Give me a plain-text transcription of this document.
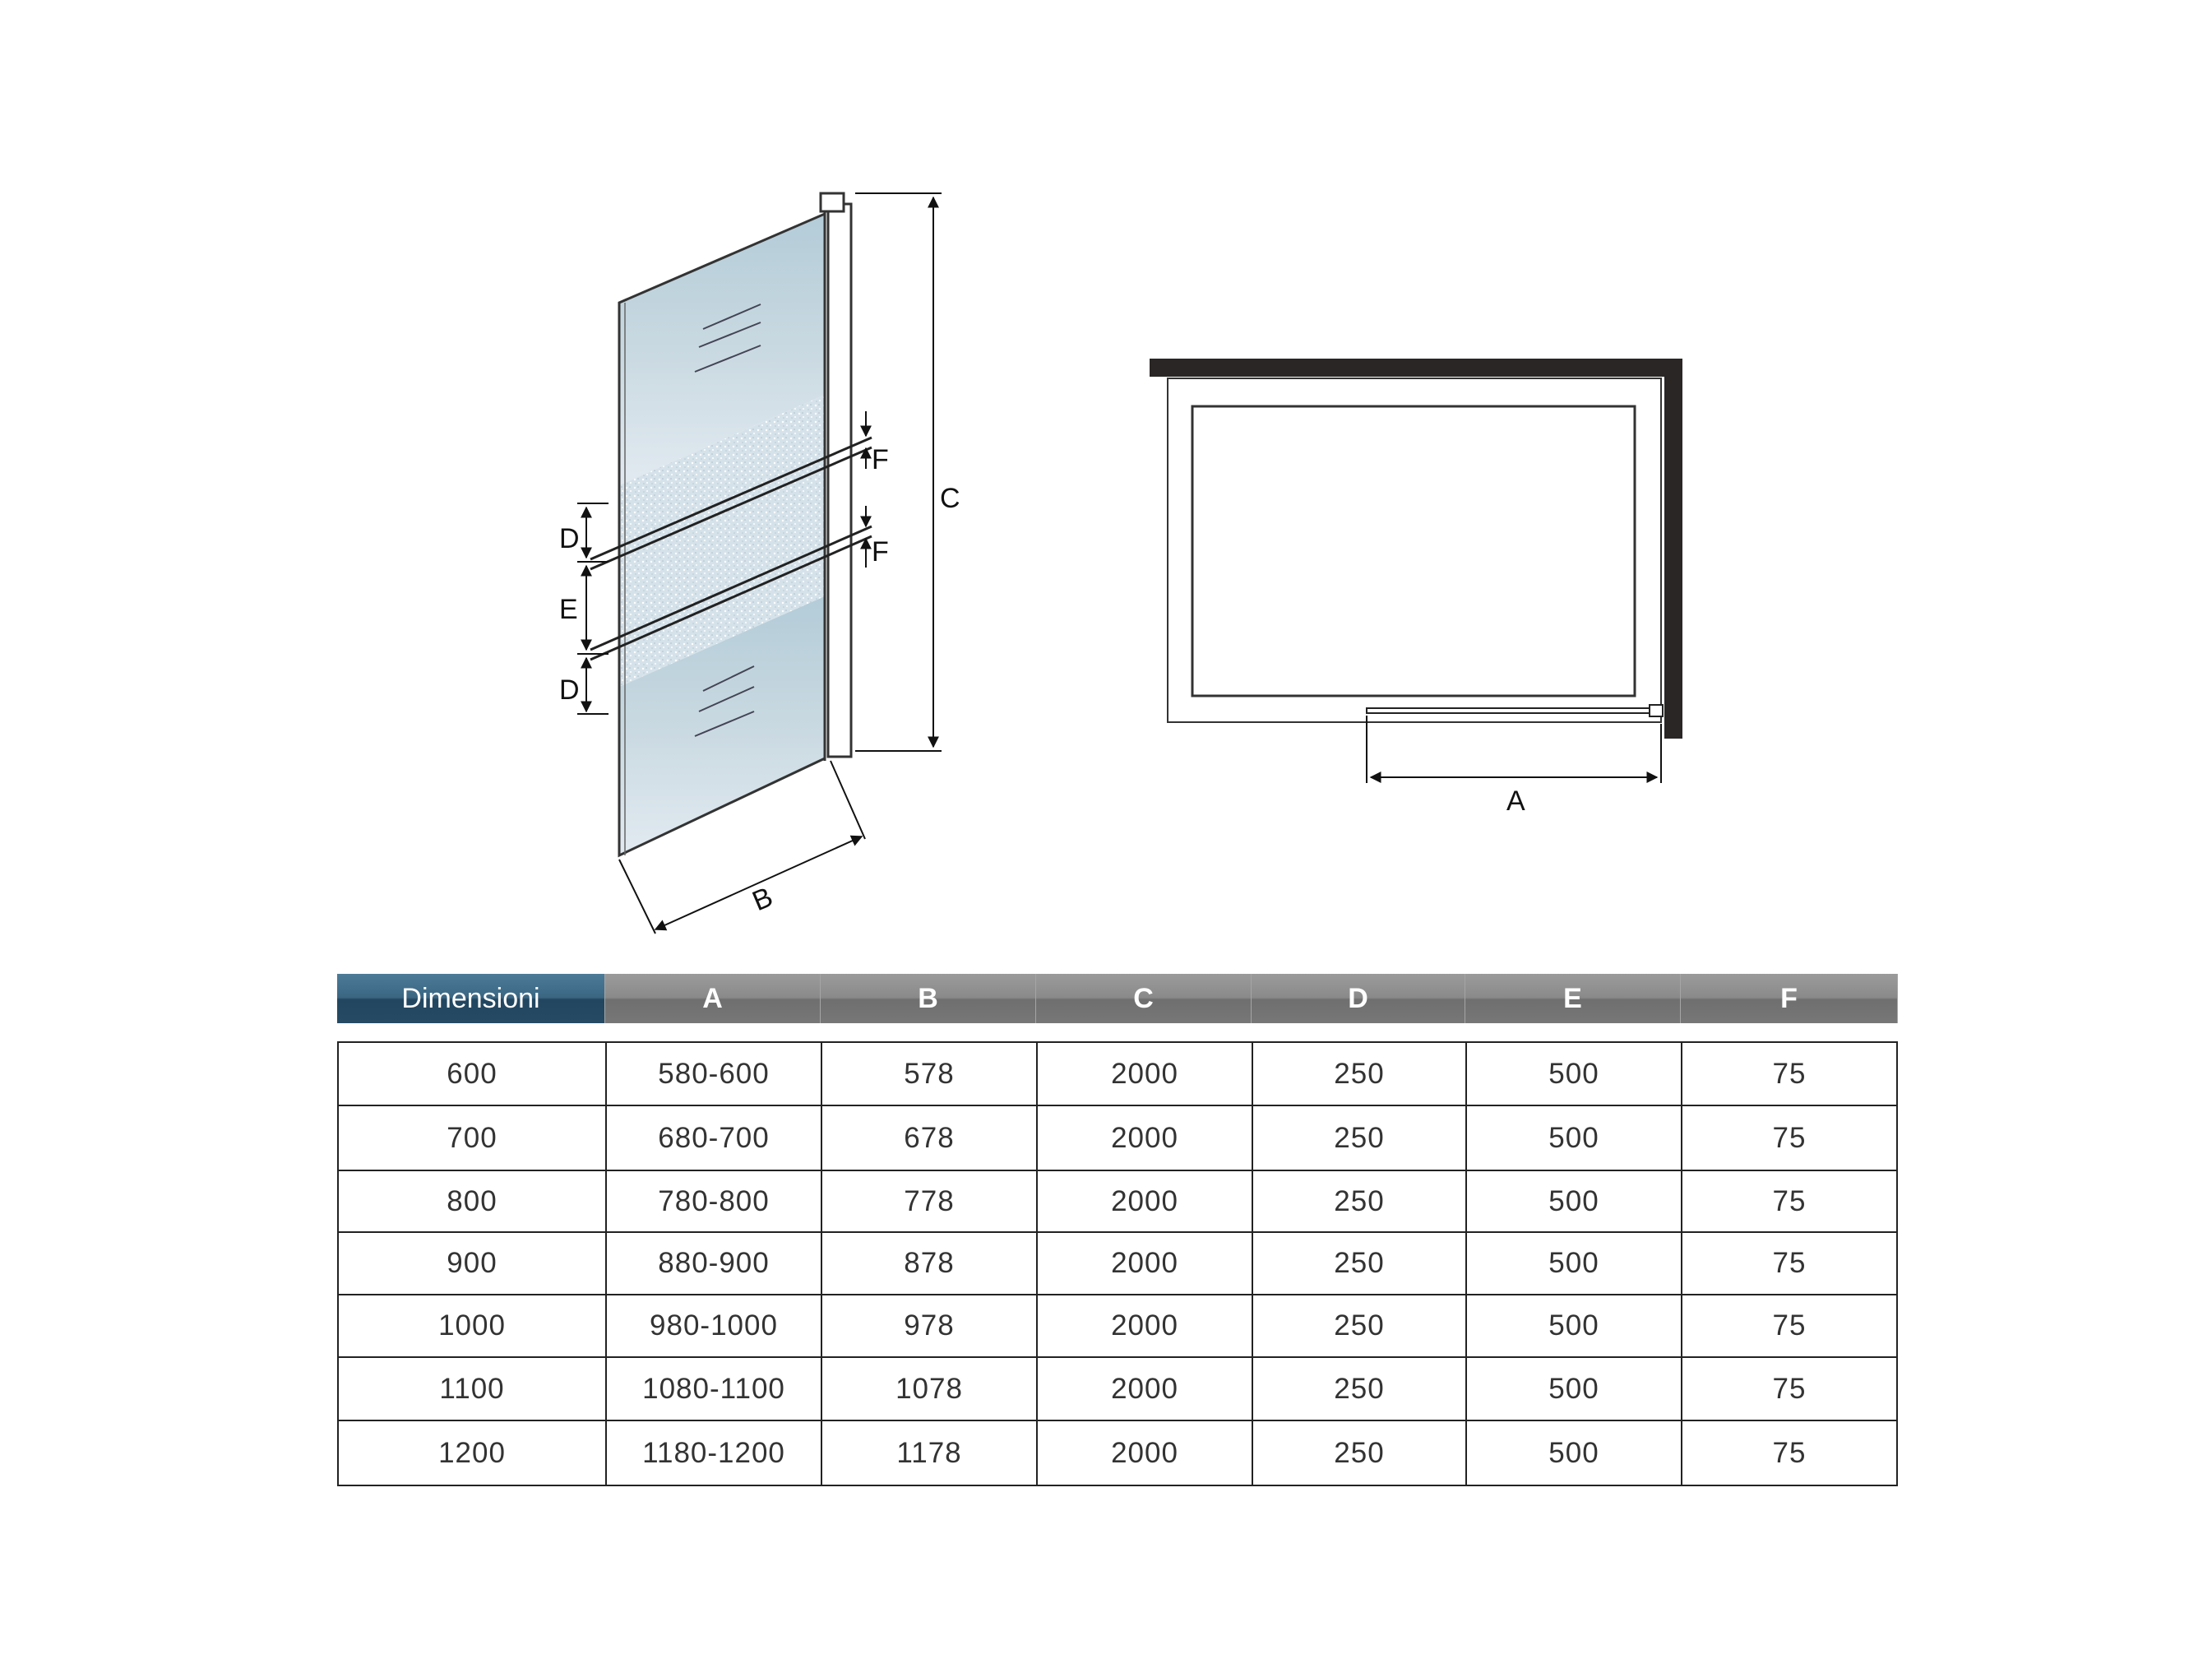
C
D
E
D
F
F
B
A
Dimensioni	A	B	C	D	E	F
600	580-600	578	2000	250	500	75
700	680-700	678	2000	250	500	75
800	780-800	778	2000	250	500	75
900	880-900	878	2000	250	500	75
1000	980-1000	978	2000	250	500	75
1100	1080-1100	1078	2000	250	500	75
1200	1180-1200	1178	2000	250	500	75
